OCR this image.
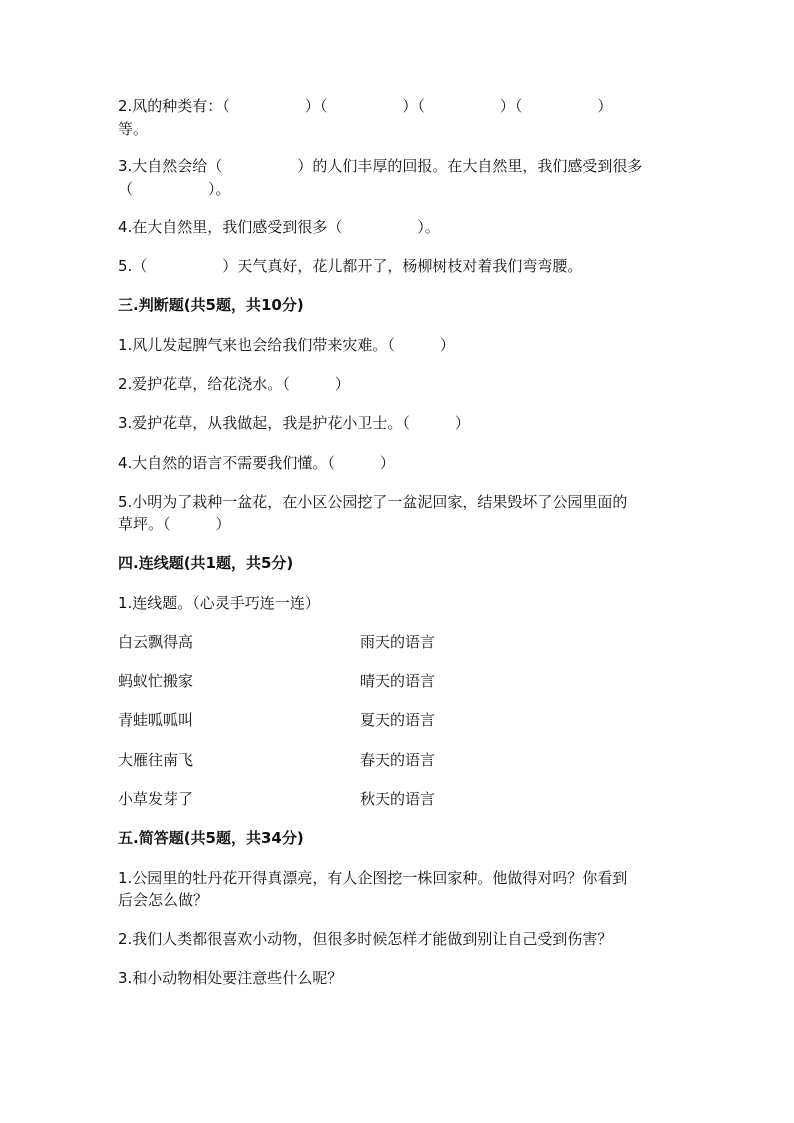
2.风的种类有：（　　　　　）（　　　　　）（　　　　　）（　　　　　）
等。
3.大自然会给（　　　　　）的人们丰厚的回报。在大自然里，我们感受到很多
（　　　　　）。
4.在大自然里，我们感受到很多（　　　　　）。
5.（　　　　　）天气真好，花儿都开了，杨柳树枝对着我们弯弯腰。
三.判断题(共5题，共10分)
1.风儿发起脾气来也会给我们带来灾难。（　　　）
2.爱护花草，给花浇水。（　　　）
3.爱护花草，从我做起，我是护花小卫士。（　　　）
4.大自然的语言不需要我们懂。（　　　）
5.小明为了栽种一盆花，在小区公园挖了一盆泥回家，结果毁坏了公园里面的
草坪。（　　　）
四.连线题(共1题，共5分)
1.连线题。（心灵手巧连一连）
白云飘得高	雨天的语言
蚂蚁忙搬家	晴天的语言
青蛙呱呱叫	夏天的语言
大雁往南飞	春天的语言
小草发芽了	秋天的语言
五.简答题(共5题，共34分)
1.公园里的牡丹花开得真漂亮，有人企图挖一株回家种。他做得对吗？你看到
后会怎么做？
2.我们人类都很喜欢小动物，但很多时候怎样才能做到别让自己受到伤害？
3.和小动物相处要注意些什么呢？
